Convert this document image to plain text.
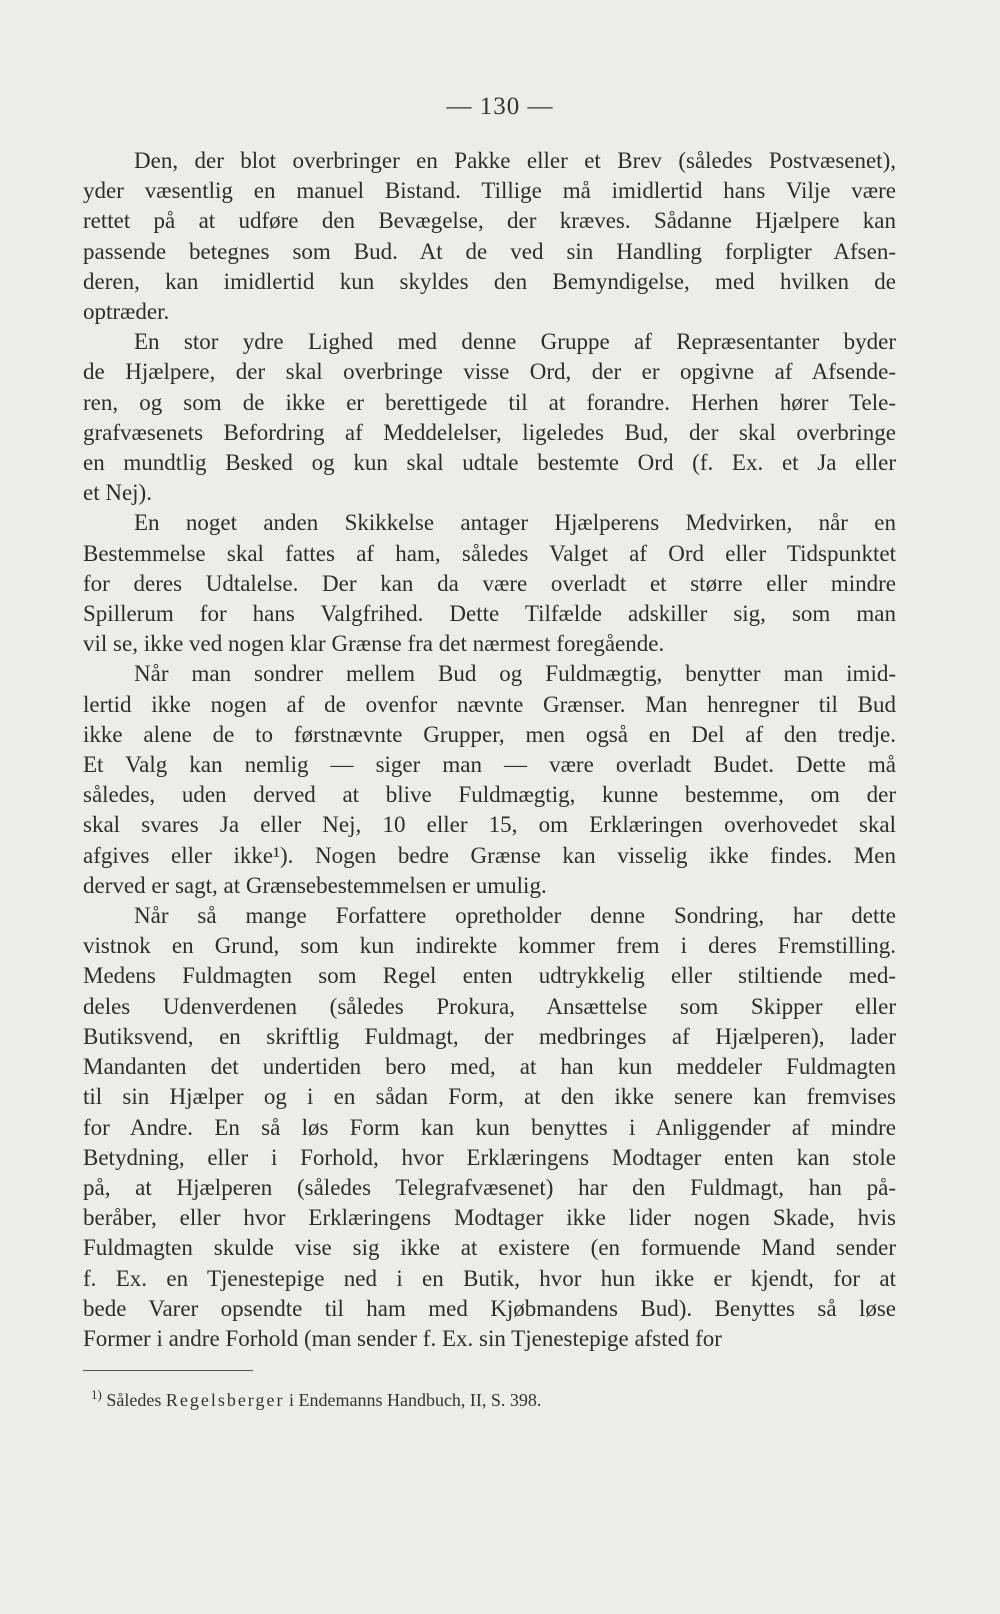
— 130 —
Den, der blot overbringer en Pakke eller et Brev (således Postvæsenet),
yder væsentlig en manuel Bistand. Tillige må imidlertid hans Vilje være
rettet på at udføre den Bevægelse, der kræves. Sådanne Hjælpere kan
passende betegnes som Bud. At de ved sin Handling forpligter Afsen-
deren, kan imidlertid kun skyldes den Bemyndigelse, med hvilken de
optræder.
En stor ydre Lighed med denne Gruppe af Repræsentanter byder
de Hjælpere, der skal overbringe visse Ord, der er opgivne af Afsende-
ren, og som de ikke er berettigede til at forandre. Herhen hører Tele-
grafvæsenets Befordring af Meddelelser, ligeledes Bud, der skal overbringe
en mundtlig Besked og kun skal udtale bestemte Ord (f. Ex. et Ja eller
et Nej).
En noget anden Skikkelse antager Hjælperens Medvirken, når en
Bestemmelse skal fattes af ham, således Valget af Ord eller Tidspunktet
for deres Udtalelse. Der kan da være overladt et større eller mindre
Spillerum for hans Valgfrihed. Dette Tilfælde adskiller sig, som man
vil se, ikke ved nogen klar Grænse fra det nærmest foregående.
Når man sondrer mellem Bud og Fuldmægtig, benytter man imid-
lertid ikke nogen af de ovenfor nævnte Grænser. Man henregner til Bud
ikke alene de to førstnævnte Grupper, men også en Del af den tredje.
Et Valg kan nemlig — siger man — være overladt Budet. Dette må
således, uden derved at blive Fuldmægtig, kunne bestemme, om der
skal svares Ja eller Nej, 10 eller 15, om Erklæringen overhovedet skal
afgives eller ikke¹). Nogen bedre Grænse kan visselig ikke findes. Men
derved er sagt, at Grænsebestemmelsen er umulig.
Når så mange Forfattere opretholder denne Sondring, har dette
vistnok en Grund, som kun indirekte kommer frem i deres Fremstilling.
Medens Fuldmagten som Regel enten udtrykkelig eller stiltiende med-
deles Udenverdenen (således Prokura, Ansættelse som Skipper eller
Butiksvend, en skriftlig Fuldmagt, der medbringes af Hjælperen), lader
Mandanten det undertiden bero med, at han kun meddeler Fuldmagten
til sin Hjælper og i en sådan Form, at den ikke senere kan fremvises
for Andre. En så løs Form kan kun benyttes i Anliggender af mindre
Betydning, eller i Forhold, hvor Erklæringens Modtager enten kan stole
på, at Hjælperen (således Telegrafvæsenet) har den Fuldmagt, han på-
beråber, eller hvor Erklæringens Modtager ikke lider nogen Skade, hvis
Fuldmagten skulde vise sig ikke at existere (en formuende Mand sender
f. Ex. en Tjenestepige ned i en Butik, hvor hun ikke er kjendt, for at
bede Varer opsendte til ham med Kjøbmandens Bud). Benyttes så løse
Former i andre Forhold (man sender f. Ex. sin Tjenestepige afsted for
$^{1)}$ Således Regelsberger i Endemanns Handbuch, II, S. 398.
